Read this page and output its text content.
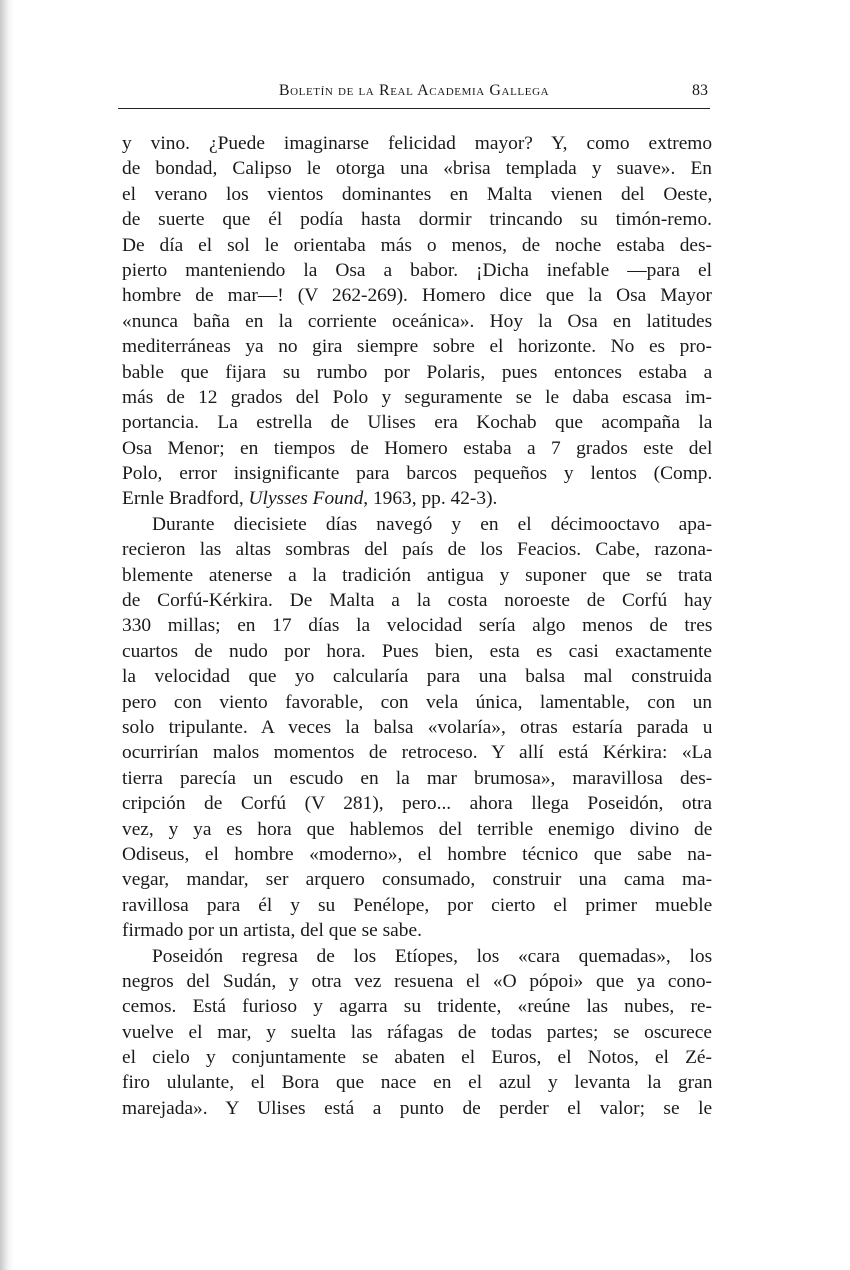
Boletín de la Real Academia Gallega	83
y vino. ¿Puede imaginarse felicidad mayor? Y, como extremo
de bondad, Calipso le otorga una «brisa templada y suave». En
el verano los vientos dominantes en Malta vienen del Oeste,
de suerte que él podía hasta dormir trincando su timón-remo.
De día el sol le orientaba más o menos, de noche estaba des-
pierto manteniendo la Osa a babor. ¡Dicha inefable —para el
hombre de mar—! (V 262-269). Homero dice que la Osa Mayor
«nunca baña en la corriente oceánica». Hoy la Osa en latitudes
mediterráneas ya no gira siempre sobre el horizonte. No es pro-
bable que fijara su rumbo por Polaris, pues entonces estaba a
más de 12 grados del Polo y seguramente se le daba escasa im-
portancia. La estrella de Ulises era Kochab que acompaña la
Osa Menor; en tiempos de Homero estaba a 7 grados este del
Polo, error insignificante para barcos pequeños y lentos (Comp.
Ernle Bradford, Ulysses Found, 1963, pp. 42-3).
Durante diecisiete días navegó y en el décimooctavo apa-
recieron las altas sombras del país de los Feacios. Cabe, razona-
blemente atenerse a la tradición antigua y suponer que se trata
de Corfú-Kérkira. De Malta a la costa noroeste de Corfú hay
330 millas; en 17 días la velocidad sería algo menos de tres
cuartos de nudo por hora. Pues bien, esta es casi exactamente
la velocidad que yo calcularía para una balsa mal construida
pero con viento favorable, con vela única, lamentable, con un
solo tripulante. A veces la balsa «volaría», otras estaría parada u
ocurrirían malos momentos de retroceso. Y allí está Kérkira: «La
tierra parecía un escudo en la mar brumosa», maravillosa des-
cripción de Corfú (V 281), pero... ahora llega Poseidón, otra
vez, y ya es hora que hablemos del terrible enemigo divino de
Odiseus, el hombre «moderno», el hombre técnico que sabe na-
vegar, mandar, ser arquero consumado, construir una cama ma-
ravillosa para él y su Penélope, por cierto el primer mueble
firmado por un artista, del que se sabe.
Poseidón regresa de los Etíopes, los «cara quemadas», los
negros del Sudán, y otra vez resuena el «O pópoi» que ya cono-
cemos. Está furioso y agarra su tridente, «reúne las nubes, re-
vuelve el mar, y suelta las ráfagas de todas partes; se oscurece
el cielo y conjuntamente se abaten el Euros, el Notos, el Zé-
firo ululante, el Bora que nace en el azul y levanta la gran
marejada». Y Ulises está a punto de perder el valor; se le
